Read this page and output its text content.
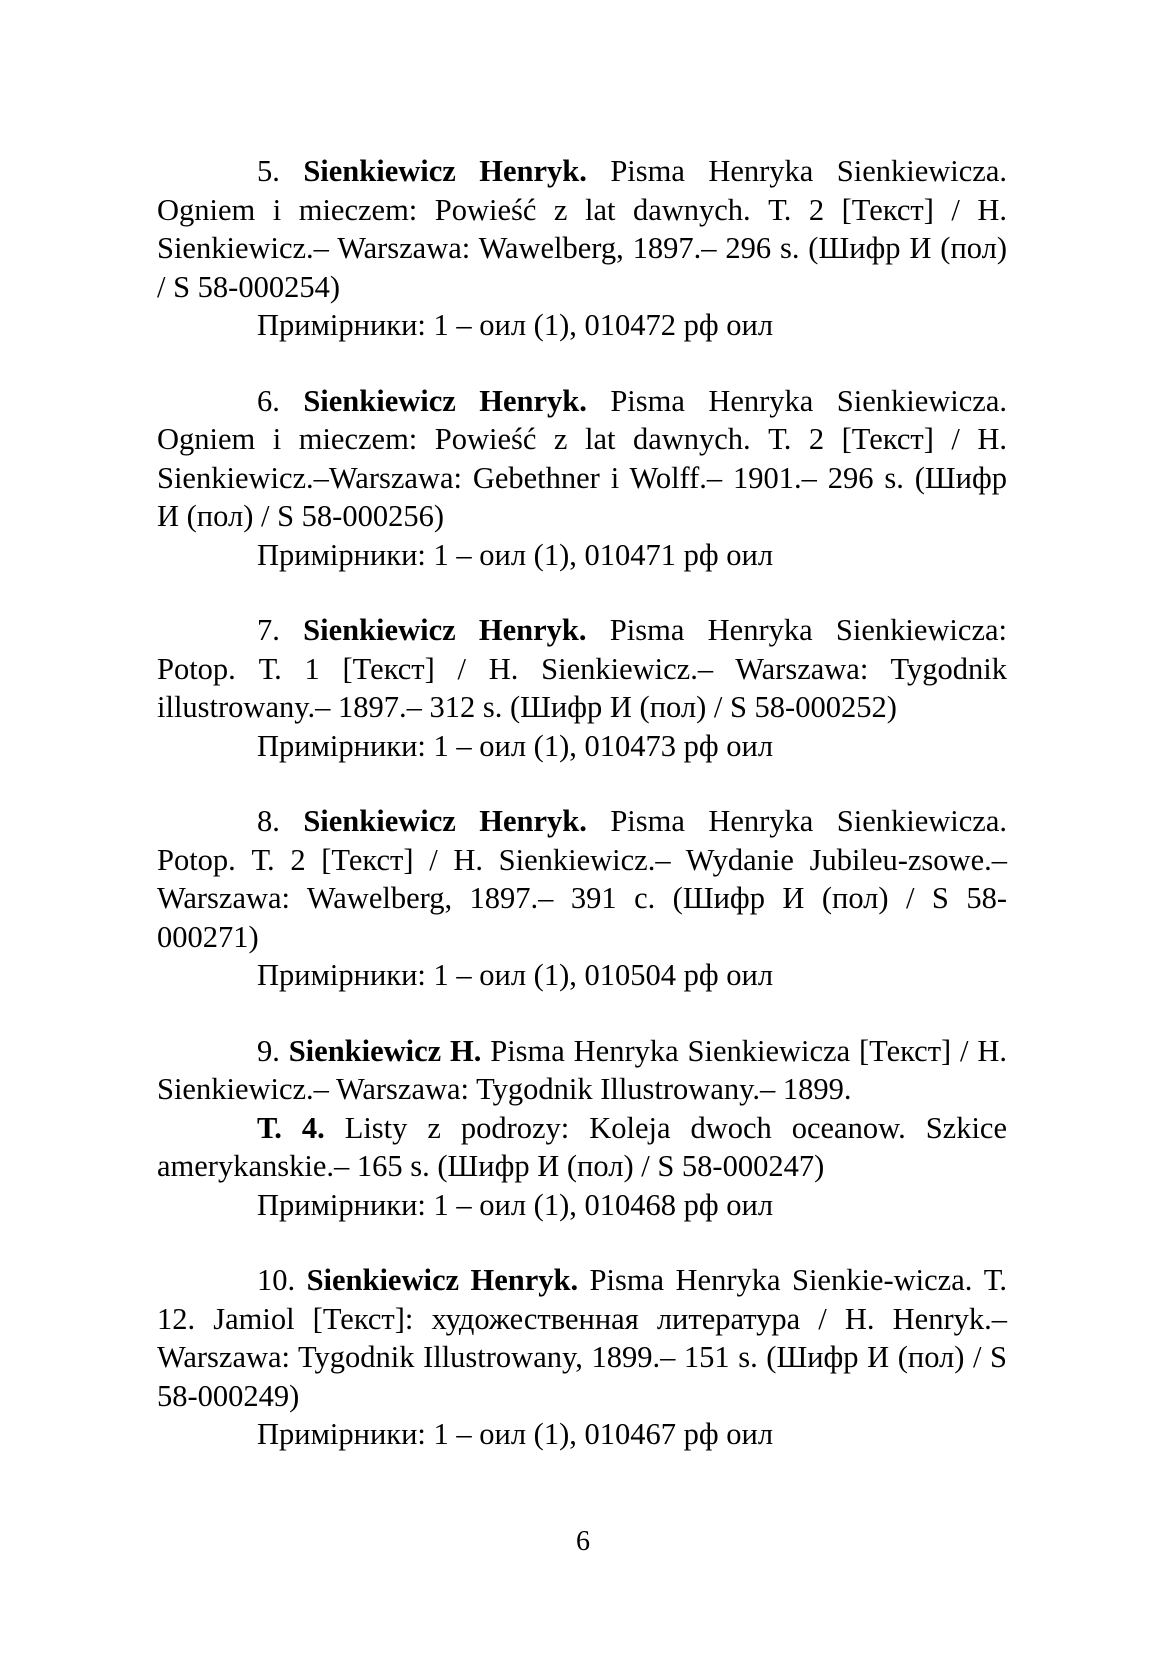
5. Sienkiewicz Henryk. Pisma Henryka Sienkiewicza. Ogniem i mieczem: Powieść z lat dawnych. Т. 2 [Текст] / H. Sienkiewicz.– Warszawa: Wawelberg, 1897.– 296 s. (Шифр И (пол) / S 58-000254)

Примірники: 1 – оил (1), 010472 рф оил

6. Sienkiewicz Henryk. Pisma Henryka Sienkiewicza. Ogniem i mieczem: Powieść z lat dawnych. Т. 2 [Текст] / H. Sienkiewicz.–Warszawa: Gebethner i Wolff.– 1901.– 296 s. (Шифр И (пол) / S 58-000256)

Примірники: 1 – оил (1), 010471 рф оил

7. Sienkiewicz Henryk. Pisma Henryka Sienkiewicza: Potop. Т. 1 [Текст] / H. Sienkiewicz.– Warszawa: Tygodnik illustrowany.– 1897.– 312 s. (Шифр И (пол) / S 58-000252)

Примірники: 1 – оил (1), 010473 рф оил

8. Sienkiewicz Henryk. Pisma Henryka Sienkiewicza. Potop. Т. 2 [Текст] / H. Sienkiewicz.– Wydanie Jubileu-zsowe.– Warszawa: Wawelberg, 1897.– 391 с. (Шифр И (пол) / S 58-000271)

Примірники: 1 – оил (1), 010504 рф оил

9. Sienkiewicz H. Pisma Henryka Sienkiewicza [Текст] / H. Sienkiewicz.– Warszawa: Tygodnik Illustrowany.– 1899.

Т. 4. Listy z podrozy: Koleja dwoch oceanow. Szkice amerykanskie.– 165 s. (Шифр И (пол) / S 58-000247)

Примірники: 1 – оил (1), 010468 рф оил

10. Sienkiewicz Henryk. Pisma Henryka Sienkie-wicza. Т. 12. Jamiol [Текст]: художественная литература / H. Henryk.– Warszawa: Tygodnik Illustrowany, 1899.– 151 s. (Шифр И (пол) / S 58-000249)

Примірники: 1 – оил (1), 010467 рф оил

6
